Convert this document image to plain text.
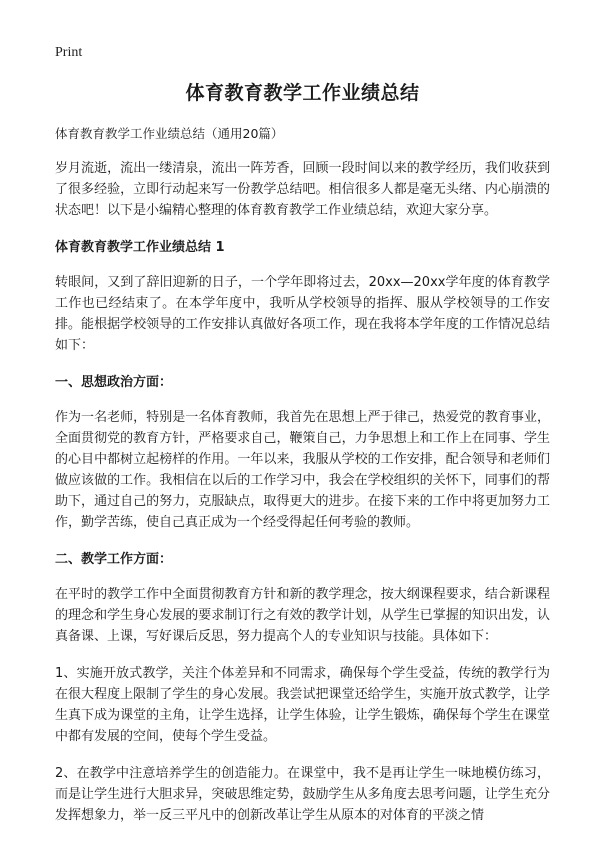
Print
体育教育教学工作业绩总结
体育教育教学工作业绩总结（通用20篇）
岁月流逝，流出一缕清泉，流出一阵芳香，回顾一段时间以来的教学经历，我们收获到了很多经验，立即行动起来写一份教学总结吧。相信很多人都是毫无头绪、内心崩溃的状态吧！以下是小编精心整理的体育教育教学工作业绩总结，欢迎大家分享。
体育教育教学工作业绩总结 1
转眼间，又到了辞旧迎新的日子，一个学年即将过去，20xx—20xx学年度的体育教学工作也已经结束了。在本学年度中，我听从学校领导的指挥、服从学校领导的工作安排。能根据学校领导的工作安排认真做好各项工作，现在我将本学年度的工作情况总结如下：
一、思想政治方面：
作为一名老师，特别是一名体育教师，我首先在思想上严于律己，热爱党的教育事业，全面贯彻党的教育方针，严格要求自己，鞭策自己，力争思想上和工作上在同事、学生的心目中都树立起榜样的作用。一年以来，我服从学校的工作安排，配合领导和老师们做应该做的工作。我相信在以后的工作学习中，我会在学校组织的关怀下，同事们的帮助下，通过自己的努力，克服缺点，取得更大的进步。在接下来的工作中将更加努力工作，勤学苦练，使自己真正成为一个经受得起任何考验的教师。
二、教学工作方面：
在平时的教学工作中全面贯彻教育方针和新的教学理念，按大纲课程要求，结合新课程的理念和学生身心发展的要求制订行之有效的教学计划，从学生已掌握的知识出发，认真备课、上课，写好课后反思，努力提高个人的专业知识与技能。具体如下：
1、实施开放式教学，关注个体差异和不同需求，确保每个学生受益，传统的教学行为在很大程度上限制了学生的身心发展。我尝试把课堂还给学生，实施开放式教学，让学生真下成为课堂的主角，让学生选择，让学生体验，让学生锻炼，确保每个学生在课堂中都有发展的空间，使每个学生受益。
2、在教学中注意培养学生的创造能力。在课堂中，我不是再让学生一味地模仿练习，而是让学生进行大胆求异，突破思维定势，鼓励学生从多角度去思考问题，让学生充分发挥想象力，举一反三平凡中的创新改革让学生从原本的对体育的平淡之情
